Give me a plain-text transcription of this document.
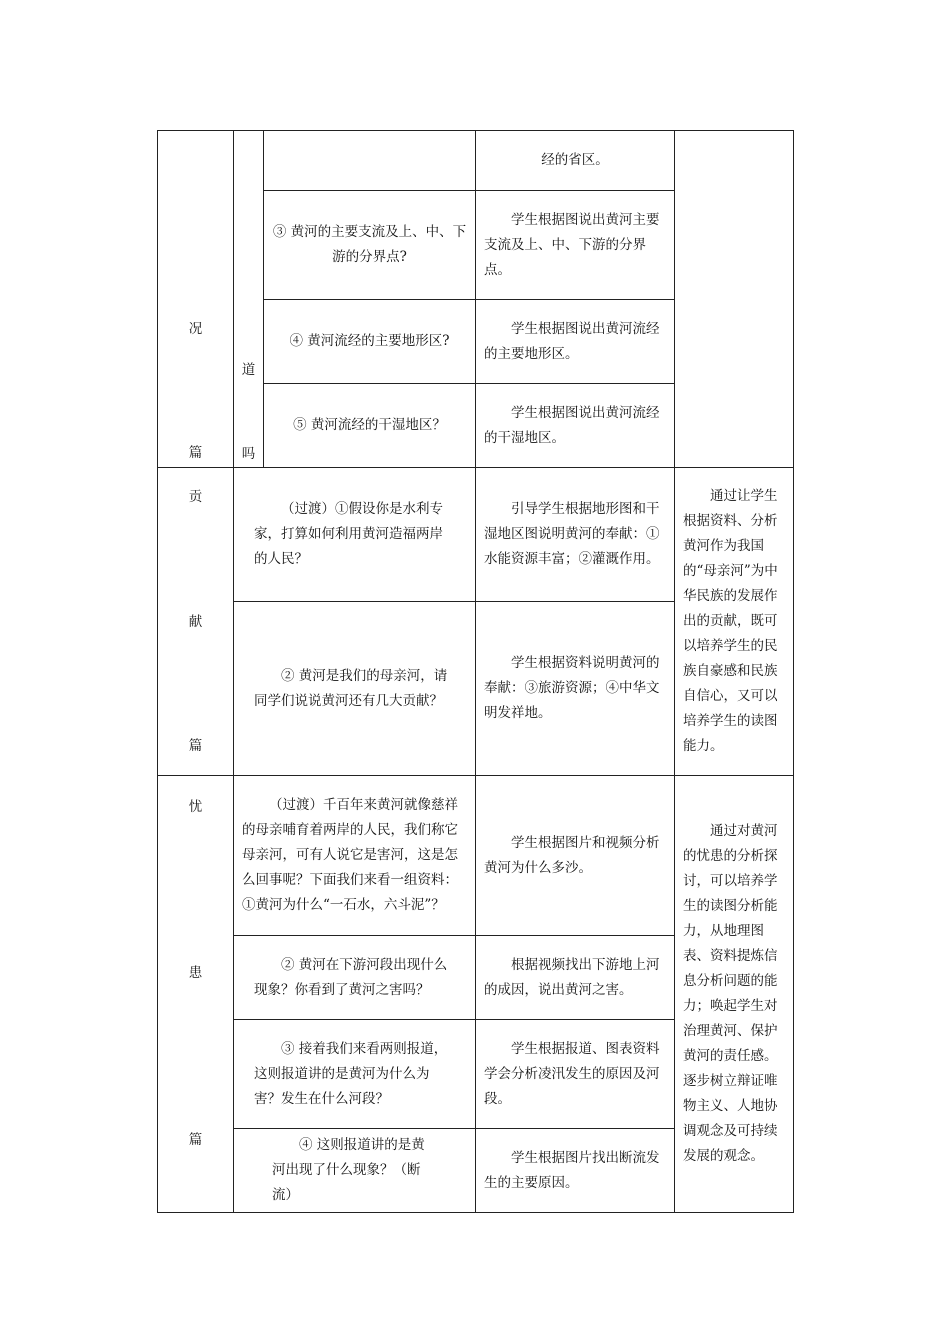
况
篇	道
吗		经的省区。	

		③ 黄河的主要支流及上、中、下游的分界点?	学生根据图说出黄河主要支流及上、中、下游的分界点。	

		④ 黄河流经的主要地形区?	学生根据图说出黄河流经的主要地形区。	

		⑤ 黄河流经的干湿地区？	学生根据图说出黄河流经的干湿地区。	

贡
献
篇	（过渡）①假设你是水利专家，打算如何利用黄河造福两岸的人民？		引导学生根据地形图和干湿地区图说明黄河的奉献：①水能资源丰富；②灌溉作用。	通过让学生根据资料、分析黄河作为我国的“母亲河”为中华民族的发展作出的贡献，既可以培养学生的民族自豪感和民族自信心，又可以培养学生的读图能力。

	② 黄河是我们的母亲河，请同学们说说黄河还有几大贡献？		学生根据资料说明黄河的奉献：③旅游资源；④中华文明发祥地。	

忧
患
篇	（过渡）千百年来黄河就像慈祥的母亲哺育着两岸的人民，我们称它母亲河，可有人说它是害河，这是怎么回事呢？下面我们来看一组资料：①黄河为什么“一石水，六斗泥”？		学生根据图片和视频分析黄河为什么多沙。	通过对黄河的忧患的分析探讨，可以培养学生的读图分析能力，从地理图表、资料提炼信息分析问题的能力；唤起学生对治理黄河、保护黄河的责任感。逐步树立辩证唯物主义、人地协调观念及可持续发展的观念。

	② 黄河在下游河段出现什么现象？你看到了黄河之害吗？		根据视频找出下游地上河的成因，说出黄河之害。	

	③ 接着我们来看两则报道，这则报道讲的是黄河为什么为害？发生在什么河段？		学生根据报道、图表资料学会分析凌汛发生的原因及河段。	

	④ 这则报道讲的是黄河出现了什么现象？（断流）		学生根据图片找出断流发生的主要原因。	
